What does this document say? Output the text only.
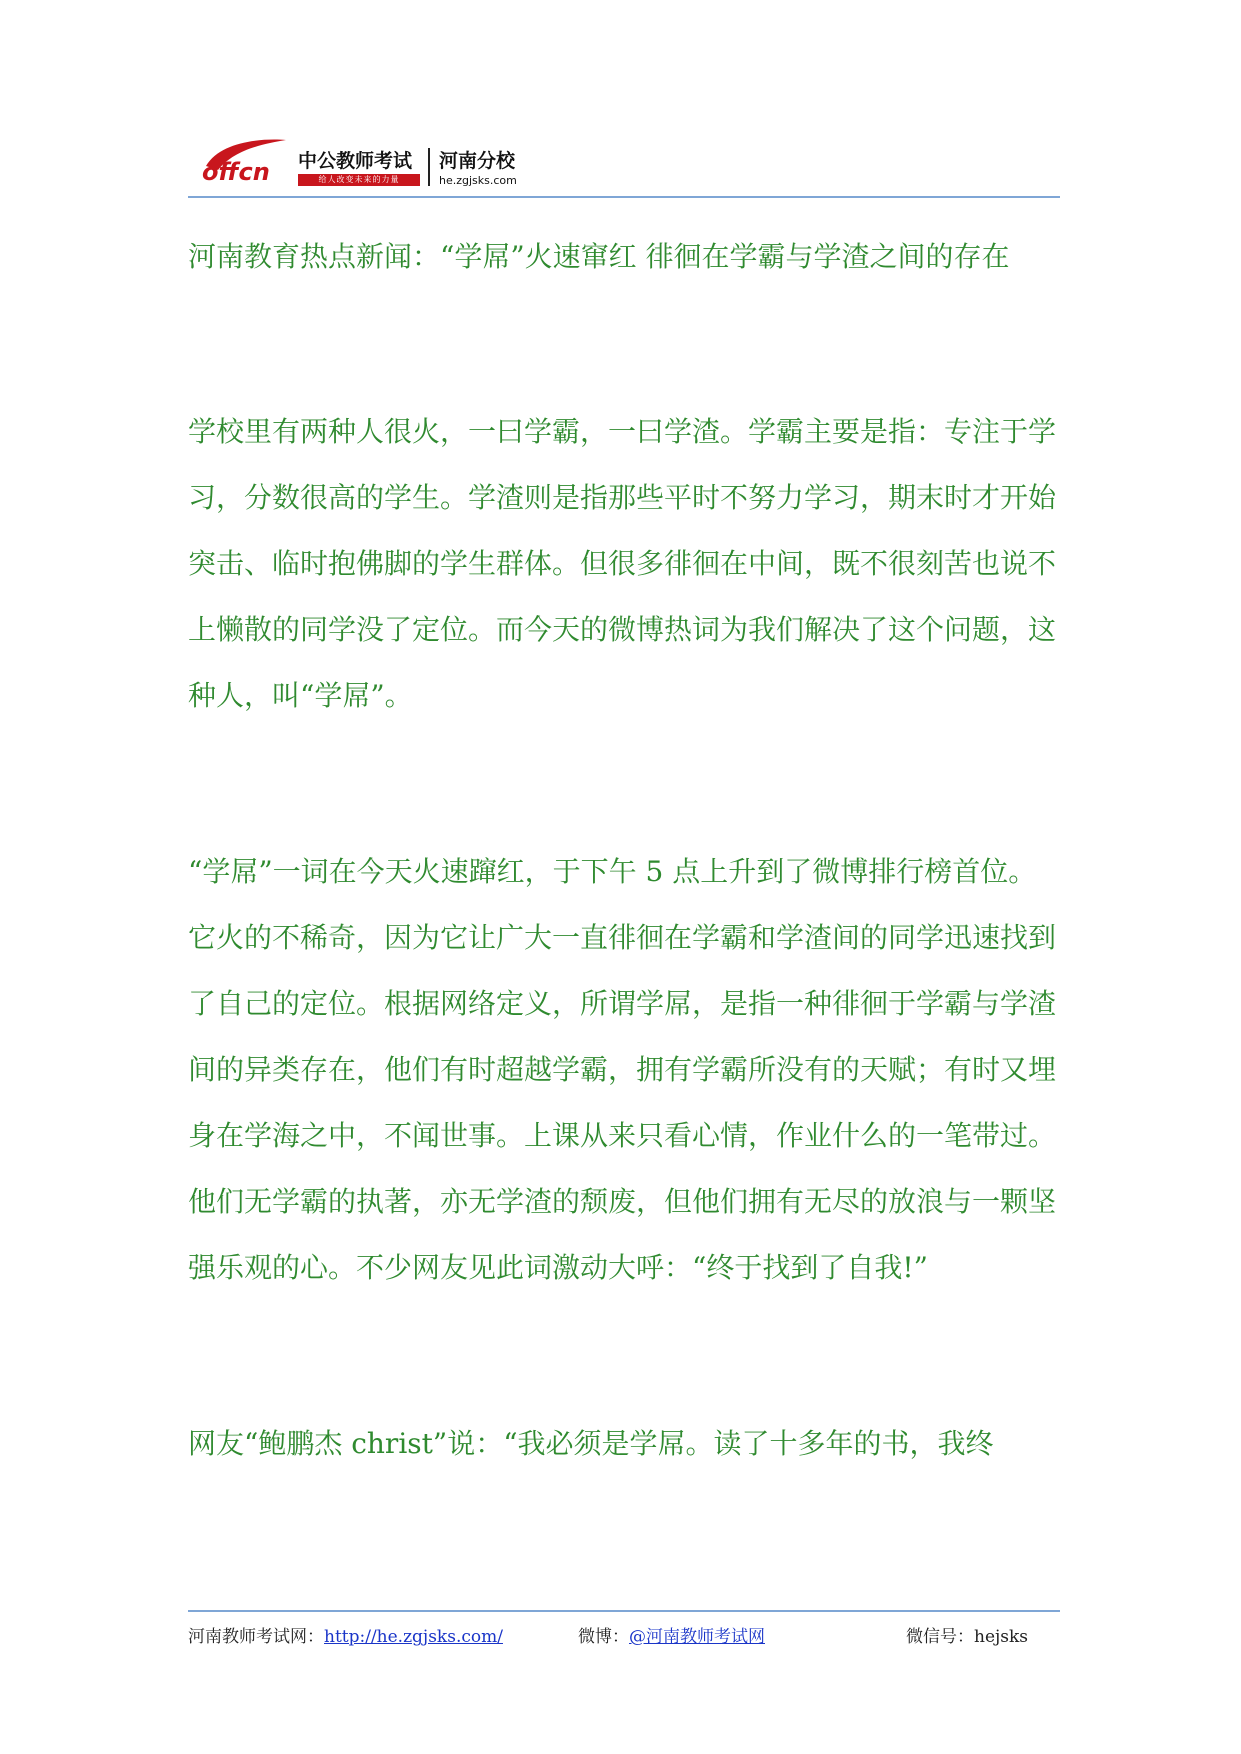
offcn 中公教师考试
给人改变未来的力量
河南分校
he.zgjsks.com

河南教育热点新闻：“学屌”火速窜红 徘徊在学霸与学渣之间的存在

学校里有两种人很火，一曰学霸，一曰学渣。学霸主要是指：专注于学习，分数很高的学生。学渣则是指那些平时不努力学习，期末时才开始突击、临时抱佛脚的学生群体。但很多徘徊在中间，既不很刻苦也说不上懒散的同学没了定位。而今天的微博热词为我们解决了这个问题，这种人，叫“学屌”。

“学屌”一词在今天火速蹿红，于下午 5 点上升到了微博排行榜首位。它火的不稀奇，因为它让广大一直徘徊在学霸和学渣间的同学迅速找到了自己的定位。根据网络定义，所谓学屌，是指一种徘徊于学霸与学渣间的异类存在，他们有时超越学霸，拥有学霸所没有的天赋；有时又埋身在学海之中，不闻世事。上课从来只看心情，作业什么的一笔带过。他们无学霸的执著，亦无学渣的颓废，但他们拥有无尽的放浪与一颗坚强乐观的心。不少网友见此词激动大呼：“终于找到了自我!”

网友“鲍鹏杰 christ”说：“我必须是学屌。读了十多年的书，我终

河南教师考试网：http://he.zgjsks.com/	微博：@河南教师考试网	微信号：hejsks
